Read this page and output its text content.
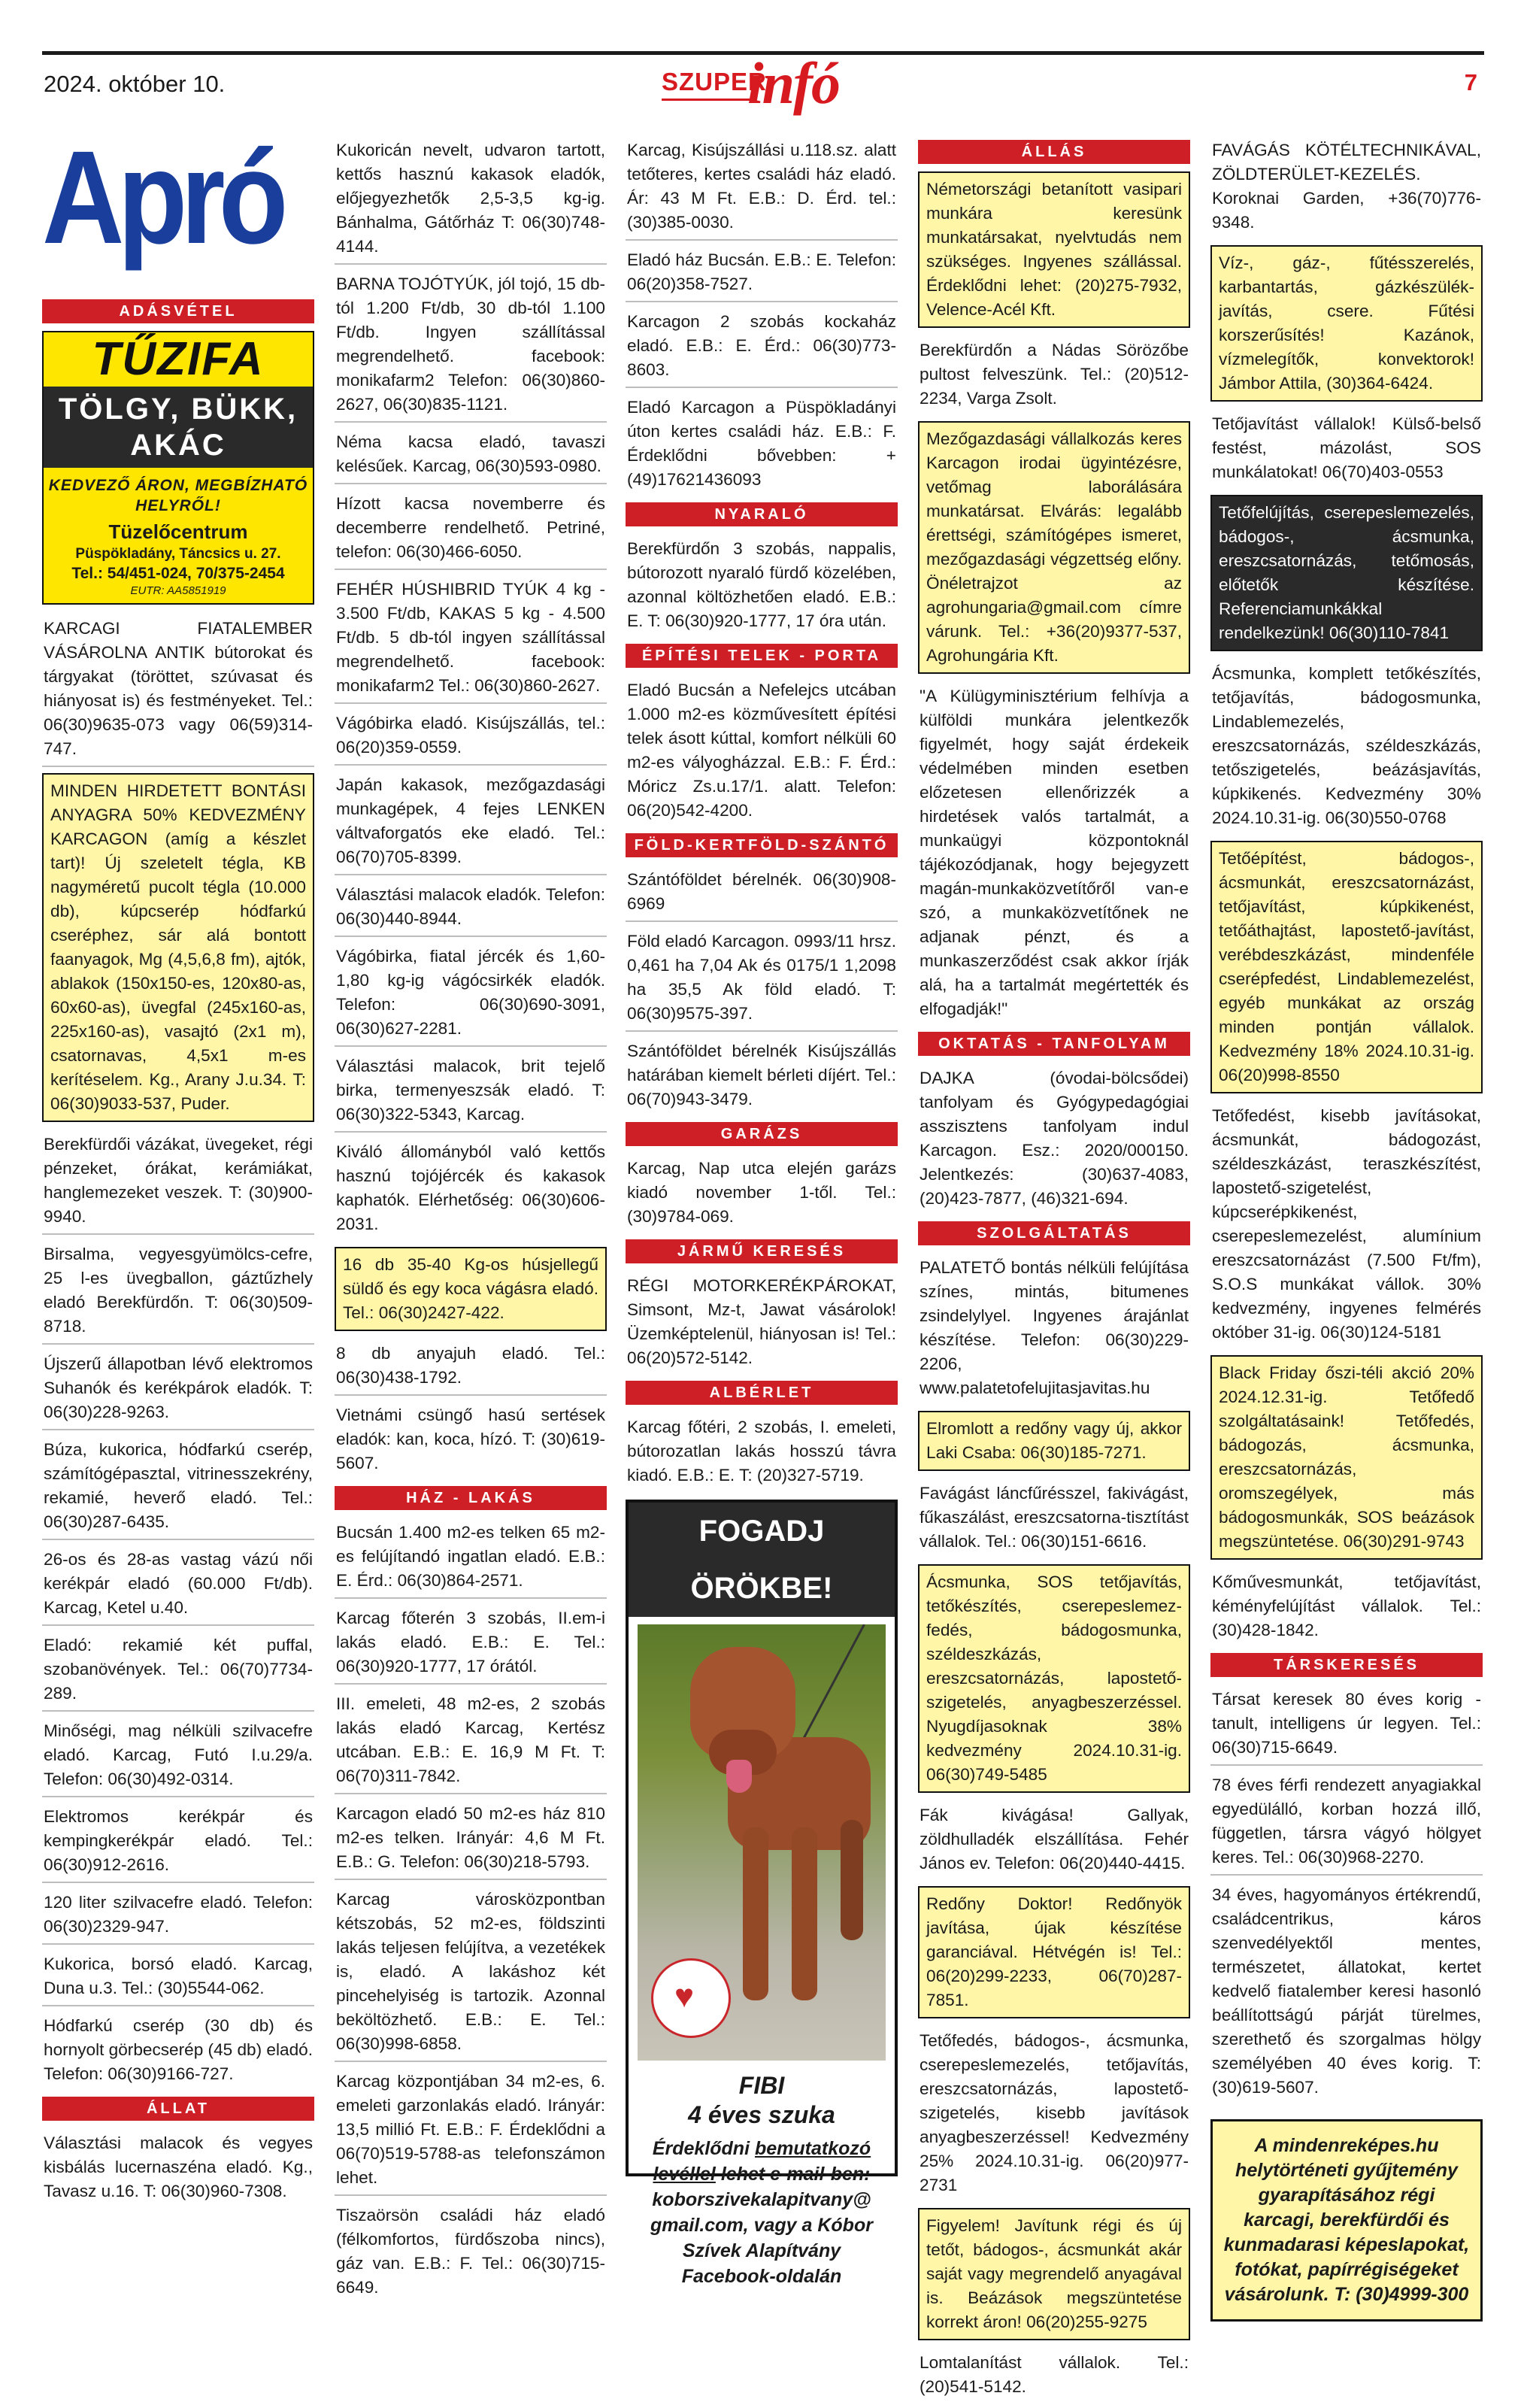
2024. október 10.	SZUPER
infó	7
Apró
ADÁSVÉTEL
TŰZIFA
TÖLGY, BÜKK, AKÁC
KEDVEZŐ ÁRON, MEGBÍZHATÓ HELYRŐL!
Tüzelőcentrum
Püspökladány, Táncsics u. 27.
Tel.: 54/451-024, 70/375-2454
EUTR: AA5851919
KARCAGI FIATALEMBER VÁSÁROLNA ANTIK bútorokat és tárgyakat (töröttet, szúvasat és hiányosat is) és festményeket. Tel.: 06(30)9635-073 vagy 06(59)314-747.
MINDEN HIRDETETT BONTÁSI ANYAGRA 50% KEDVEZMÉNY KARCAGON (amíg a készlet tart)! Új szeletelt tégla, KB nagyméretű pucolt tégla (10.000 db), kúpcserép hódfarkú cseréphez, sár alá bontott faanyagok, Mg (4,5,6,8 fm), ajtók, ablakok (150x150-es, 120x80-as, 60x60-as), üvegfal (245x160-as, 225x160-as), vasajtó (2x1 m), csatornavas, 4,5x1 m-es kerítéselem. Kg., Arany J.u.34. T: 06(30)9033-537, Puder.
Berekfürdői vázákat, üvegeket, régi pénzeket, órákat, kerámiákat, hanglemezeket veszek. T: (30)900-9940.
Birsalma, vegyesgyümölcs-cefre, 25 l-es üvegballon, gáztűzhely eladó Berekfürdőn. T: 06(30)509-8718.
Újszerű állapotban lévő elektromos Suhanók és kerékpárok eladók. T: 06(30)228-9263.
Búza, kukorica, hódfarkú cserép, számítógépasztal, vitrinesszekrény, rekamié, heverő eladó. Tel.: 06(30)287-6435.
26-os és 28-as vastag vázú női kerékpár eladó (60.000 Ft/db). Karcag, Ketel u.40.
Eladó: rekamié két puffal, szobanövények. Tel.: 06(70)7734-289.
Minőségi, mag nélküli szilvacefre eladó. Karcag, Futó I.u.29/a. Telefon: 06(30)492-0314.
Elektromos kerékpár és kempingkerékpár eladó. Tel.: 06(30)912-2616.
120 liter szilvacefre eladó. Telefon: 06(30)2329-947.
Kukorica, borsó eladó. Karcag, Duna u.3. Tel.: (30)5544-062.
Hódfarkú cserép (30 db) és hornyolt görbecserép (45 db) eladó. Telefon: 06(30)9166-727.
ÁLLAT
Választási malacok és vegyes kisbálás lucernaszéna eladó. Kg., Tavasz u.16. T: 06(30)960-7308.
Kukoricán nevelt, udvaron tartott, kettős hasznú kakasok eladók, előjegyezhetők 2,5-3,5 kg-ig. Bánhalma, Gátőrház T: 06(30)748-4144.
BARNA TOJÓTYÚK, jól tojó, 15 db-tól 1.200 Ft/db, 30 db-tól 1.100 Ft/db. Ingyen szállítással megrendelhető. facebook: monikafarm2 Telefon: 06(30)860-2627, 06(30)835-1121.
Néma kacsa eladó, tavaszi kelésűek. Karcag, 06(30)593-0980.
Hízott kacsa novemberre és decemberre rendelhető. Petriné, telefon: 06(30)466-6050.
FEHÉR HÚSHIBRID TYÚK 4 kg - 3.500 Ft/db, KAKAS 5 kg - 4.500 Ft/db. 5 db-tól ingyen szállítással megrendelhető. facebook: monikafarm2 Tel.: 06(30)860-2627.
Vágóbirka eladó. Kisújszállás, tel.: 06(20)359-0559.
Japán kakasok, mezőgazdasági munkagépek, 4 fejes LENKEN váltvaforgatós eke eladó. Tel.: 06(70)705-8399.
Választási malacok eladók. Telefon: 06(30)440-8944.
Vágóbirka, fiatal jércék és 1,60-1,80 kg-ig vágócsirkék eladók. Telefon: 06(30)690-3091, 06(30)627-2281.
Választási malacok, brit tejelő birka, termenyeszsák eladó. T: 06(30)322-5343, Karcag.
Kiváló állományból való kettős hasznú tojójércék és kakasok kaphatók. Elérhetőség: 06(30)606-2031.
16 db 35-40 Kg-os húsjellegű süldő és egy koca vágásra eladó. Tel.: 06(30)2427-422.
8 db anyajuh eladó. Tel.: 06(30)438-1792.
Vietnámi csüngő hasú sertések eladók: kan, koca, hízó. T: (30)619-5607.
HÁZ - LAKÁS
Bucsán 1.400 m2-es telken 65 m2-es felújítandó ingatlan eladó. E.B.: E. Érd.: 06(30)864-2571.
Karcag főterén 3 szobás, II.em-i lakás eladó. E.B.: E. Tel.: 06(30)920-1777, 17 órától.
III. emeleti, 48 m2-es, 2 szobás lakás eladó Karcag, Kertész utcában. E.B.: E. 16,9 M Ft. T: 06(70)311-7842.
Karcagon eladó 50 m2-es ház 810 m2-es telken. Irányár: 4,6 M Ft. E.B.: G. Telefon: 06(30)218-5793.
Karcag városközpontban kétszobás, 52 m2-es, földszinti lakás teljesen felújítva, a vezetékek is, eladó. A lakáshoz két pincehelyiség is tartozik. Azonnal beköltözhető. E.B.: E. Tel.: 06(30)998-6858.
Karcag központjában 34 m2-es, 6. emeleti garzonlakás eladó. Irányár: 13,5 millió Ft. E.B.: F. Érdeklődni a 06(70)519-5788-as telefonszámon lehet.
Tiszaörsön családi ház eladó (félkomfortos, fürdőszoba nincs), gáz van. E.B.: F. Tel.: 06(30)715-6649.
Karcag, Kisújszállási u.118.sz. alatt tetőteres, kertes családi ház eladó. Ár: 43 M Ft. E.B.: D. Érd. tel.: (30)385-0030.
Eladó ház Bucsán. E.B.: E. Telefon: 06(20)358-7527.
Karcagon 2 szobás kockaház eladó. E.B.: E. Érd.: 06(30)773-8603.
Eladó Karcagon a Püspökladányi úton kertes családi ház. E.B.: F. Érdeklődni bővebben: +(49)17621436093
NYARALÓ
Berekfürdőn 3 szobás, nappalis, bútorozott nyaraló fürdő közelében, azonnal költözhetően eladó. E.B.: E. T: 06(30)920-1777, 17 óra után.
ÉPÍTÉSI TELEK - PORTA
Eladó Bucsán a Nefelejcs utcában 1.000 m2-es közművesített építési telek ásott kúttal, komfort nélküli 60 m2-es vályogházzal. E.B.: F. Érd.: Móricz Zs.u.17/1. alatt. Telefon: 06(20)542-4200.
FÖLD-KERTFÖLD-SZÁNTÓ
Szántóföldet bérelnék. 06(30)908-6969
Föld eladó Karcagon. 0993/11 hrsz. 0,461 ha 7,04 Ak és 0175/1 1,2098 ha 35,5 Ak föld eladó. T: 06(30)9575-397.
Szántóföldet bérelnék Kisújszállás határában kiemelt bérleti díjért. Tel.: 06(70)943-3479.
GARÁZS
Karcag, Nap utca elején garázs kiadó november 1-től. Tel.: (30)9784-069.
JÁRMŰ KERESÉS
RÉGI MOTORKERÉKPÁROKAT, Simsont, Mz-t, Jawat vásárolok! Üzemképtelenül, hiányosan is! Tel.: 06(20)572-5142.
ALBÉRLET
Karcag főtéri, 2 szobás, I. emeleti, bútorozatlan lakás hosszú távra kiadó. E.B.: E. T: (20)327-5719.
FOGADJ ÖRÖKBE!
♥
FIBI
4 éves szuka
Érdeklődni bemutatkozó levéllel lehet e-mail-ben: koborszivekalapitvany@ gmail.com, vagy a Kóbor Szívek Alapítvány Facebook-oldalán
ÁLLÁS
Németországi betanított vasipari munkára keresünk munkatársakat, nyelvtudás nem szükséges. Ingyenes szállással. Érdeklődni lehet: (20)275-7932, Velence-Acél Kft.
Berekfürdőn a Nádas Sörözőbe pultost felveszünk. Tel.: (20)512-2234, Varga Zsolt.
Mezőgazdasági vállalkozás keres Karcagon irodai ügyintézésre, vetőmag laborálására munkatársat. Elvárás: legalább érettségi, számítógépes ismeret, mezőgazdasági végzettség előny. Önéletrajzot az agrohungaria@gmail.com címre várunk. Tel.: +36(20)9377-537, Agrohungária Kft.
"A Külügyminisztérium felhívja a külföldi munkára jelentkezők figyelmét, hogy saját érdekeik védelmében minden esetben előzetesen ellenőrizzék a hirdetések valós tartalmát, a munkaügyi központoknál tájékozódjanak, hogy bejegyzett magán-munkaközvetítőről van-e szó, a munkaközvetítőnek ne adjanak pénzt, és a munkaszerződést csak akkor írják alá, ha a tartalmát megértették és elfogadják!"
OKTATÁS - TANFOLYAM
DAJKA (óvodai-bölcsődei) tanfolyam és Gyógypedagógiai asszisztens tanfolyam indul Karcagon. Esz.: 2020/000150. Jelentkezés: (30)637-4083, (20)423-7877, (46)321-694.
SZOLGÁLTATÁS
PALATETŐ bontás nélküli felújítása színes, mintás, bitumenes zsindelylyel. Ingyenes árajánlat készítése. Telefon: 06(30)229-2206, www.palatetofelujitasjavitas.hu
Elromlott a redőny vagy új, akkor Laki Csaba: 06(30)185-7271.
Favágást láncfűrésszel, fakivágást, fűkaszálást, ereszcsatorna-tisztítást vállalok. Tel.: 06(30)151-6616.
Ácsmunka, SOS tetőjavítás, tetőkészítés, cserepeslemez-fedés, bádogosmunka, széldeszkázás, ereszcsatornázás, lapostető-szigetelés, anyagbeszerzéssel. Nyugdíjasoknak 38% kedvezmény 2024.10.31-ig. 06(30)749-5485
Fák kivágása! Gallyak, zöldhulladék elszállítása. Fehér János ev. Telefon: 06(20)440-4415.
Redőny Doktor! Redőnyök javítása, újak készítése garanciával. Hétvégén is! Tel.: 06(20)299-2233, 06(70)287-7851.
Tetőfedés, bádogos-, ácsmunka, cserepeslemezelés, tetőjavítás, ereszcsatornázás, lapostető-szigetelés, kisebb javítások anyagbeszerzéssel! Kedvezmény 25% 2024.10.31-ig. 06(20)977-2731
Figyelem! Javítunk régi és új tetőt, bádogos-, ácsmunkát akár saját vagy megrendelő anyagával is. Beázások megszüntetése korrekt áron! 06(20)255-9275
Lomtalanítást vállalok. Tel.: (20)541-5142.
FAVÁGÁS KÖTÉLTECHNIKÁVAL, ZÖLDTERÜLET-KEZELÉS. Koroknai Garden, +36(70)776-9348.
Víz-, gáz-, fűtésszerelés, karbantartás, gázkészülék-javítás, csere. Fűtési korszerűsítés! Kazánok, vízmelegítők, konvektorok! Jámbor Attila, (30)364-6424.
Tetőjavítást vállalok! Külső-belső festést, mázolást, SOS munkálatokat! 06(70)403-0553
Tetőfelújítás, cserepeslemezelés, bádogos-, ácsmunka, ereszcsatornázás, tetőmosás, előtetők készítése. Referenciamunkákkal rendelkezünk! 06(30)110-7841
Ácsmunka, komplett tetőkészítés, tetőjavítás, bádogosmunka, Lindablemezelés, ereszcsatornázás, széldeszkázás, tetőszigetelés, beázásjavítás, kúpkikenés. Kedvezmény 30% 2024.10.31-ig. 06(30)550-0768
Tetőépítést, bádogos-, ácsmunkát, ereszcsatornázást, tetőjavítást, kúpkikenést, tetőáthajtást, lapostető-javítást, verébdeszkázást, mindenféle cserépfedést, Lindablemezelést, egyéb munkákat az ország minden pontján vállalok. Kedvezmény 18% 2024.10.31-ig. 06(20)998-8550
Tetőfedést, kisebb javításokat, ácsmunkát, bádogozást, széldeszkázást, teraszkészítést, lapostető-szigetelést, kúpcserépkikenést, cserepeslemezelést, alumínium ereszcsatornázást (7.500 Ft/fm), S.O.S munkákat vállok. 30% kedvezmény, ingyenes felmérés október 31-ig. 06(30)124-5181
Black Friday őszi-téli akció 20% 2024.12.31-ig. Tetőfedő szolgáltatásaink! Tetőfedés, bádogozás, ácsmunka, ereszcsatornázás, oromszegélyek, más bádogosmunkák, SOS beázások megszüntetése. 06(30)291-9743
Kőművesmunkát, tetőjavítást, kéményfelújítást vállalok. Tel.: (30)428-1842.
TÁRSKERESÉS
Társat keresek 80 éves korig - tanult, intelligens úr legyen. Tel.: 06(30)715-6649.
78 éves férfi rendezett anyagiakkal egyedülálló, korban hozzá illő, független, társra vágyó hölgyet keres. Tel.: 06(30)968-2270.
34 éves, hagyományos értékrendű, családcentrikus, káros szenvedélyektől mentes, természetet, állatokat, kertet kedvelő fiatalember keresi hasonló beállítottságú párját türelmes, szerethető és szorgalmas hölgy személyében 40 éves korig. T: (30)619-5607.
A mindenreképes.hu helytörténeti gyűjtemény gyarapításához régi karcagi, berekfürdői és kunmadarasi képeslapokat, fotókat, papírrégiségeket vásárolunk. T: (30)4999-300
